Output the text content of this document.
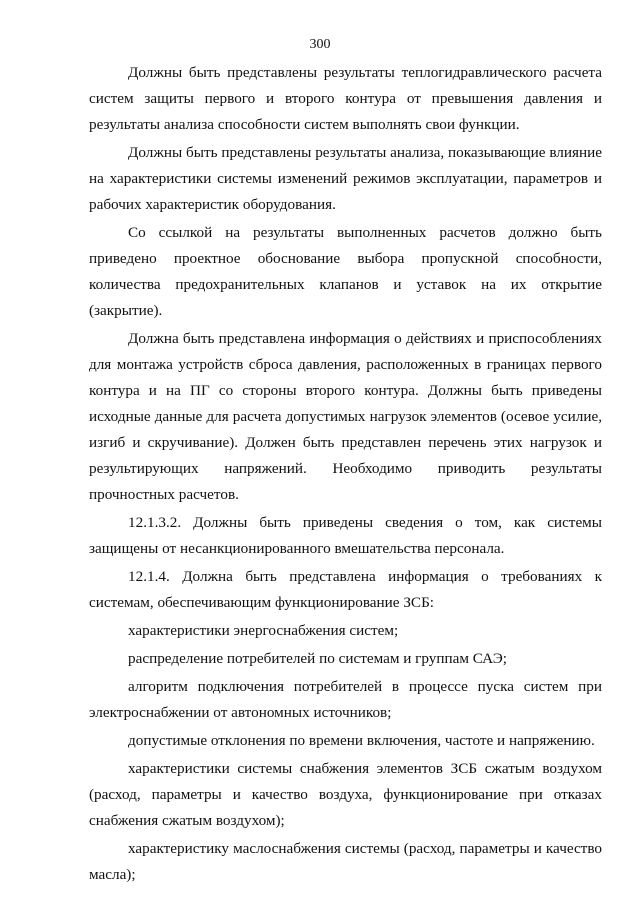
300

Должны быть представлены результаты теплогидравлического расчета систем защиты первого и второго контура от превышения давления и результаты анализа способности систем выполнять свои функции.

Должны быть представлены результаты анализа, показывающие влияние на характеристики системы изменений режимов эксплуатации, параметров и рабочих характеристик оборудования.

Со ссылкой на результаты выполненных расчетов должно быть приведено проектное обоснование выбора пропускной способности, количества предохранительных клапанов и уставок на их открытие (закрытие).

Должна быть представлена информация о действиях и приспособлениях для монтажа устройств сброса давления, расположенных в границах первого контура и на ПГ со стороны второго контура. Должны быть приведены исходные данные для расчета допустимых нагрузок элементов (осевое усилие, изгиб и скручивание). Должен быть представлен перечень этих нагрузок и результирующих напряжений. Необходимо приводить результаты прочностных расчетов.

12.1.3.2. Должны быть приведены сведения о том, как системы защищены от несанкционированного вмешательства персонала.

12.1.4. Должна быть представлена информация о требованиях к системам, обеспечивающим функционирование ЗСБ:

характеристики энергоснабжения систем;

распределение потребителей по системам и группам САЭ;

алгоритм подключения потребителей в процессе пуска систем при электроснабжении от автономных источников;

допустимые отклонения по времени включения, частоте и напряжению.

характеристики системы снабжения элементов ЗСБ сжатым воздухом (расход, параметры и качество воздуха, функционирование при отказах снабжения сжатым воздухом);

характеристику маслоснабжения системы (расход, параметры и качество масла);
